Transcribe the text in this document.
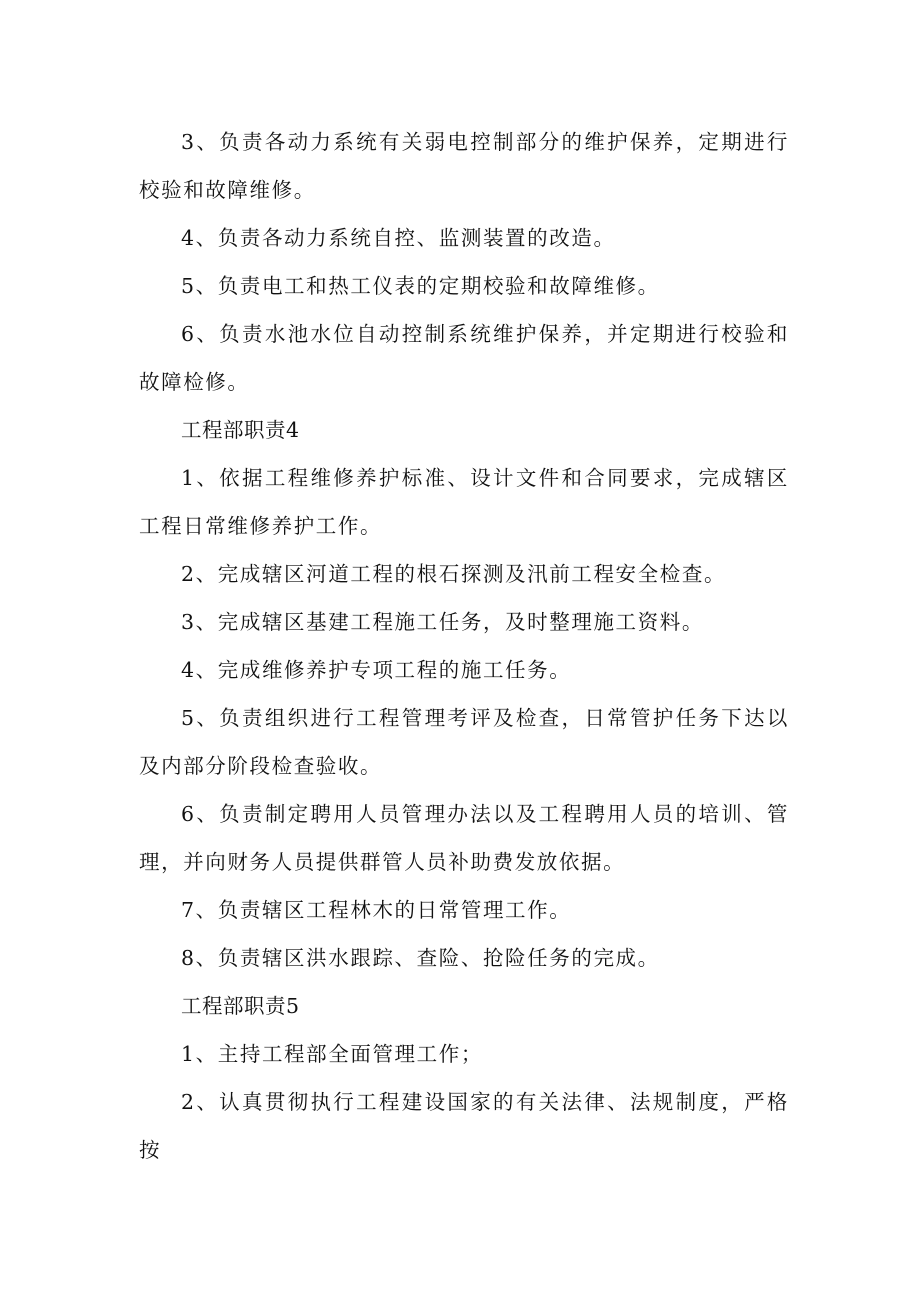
3、负责各动力系统有关弱电控制部分的维护保养，定期进行校验和故障维修。

4、负责各动力系统自控、监测装置的改造。

5、负责电工和热工仪表的定期校验和故障维修。

6、负责水池水位自动控制系统维护保养，并定期进行校验和故障检修。

工程部职责4

1、依据工程维修养护标准、设计文件和合同要求，完成辖区工程日常维修养护工作。

2、完成辖区河道工程的根石探测及汛前工程安全检查。

3、完成辖区基建工程施工任务，及时整理施工资料。

4、完成维修养护专项工程的施工任务。

5、负责组织进行工程管理考评及检查，日常管护任务下达以及内部分阶段检查验收。

6、负责制定聘用人员管理办法以及工程聘用人员的培训、管理，并向财务人员提供群管人员补助费发放依据。

7、负责辖区工程林木的日常管理工作。

8、负责辖区洪水跟踪、查险、抢险任务的完成。

工程部职责5

1、主持工程部全面管理工作；

2、认真贯彻执行工程建设国家的有关法律、法规制度，严格按
